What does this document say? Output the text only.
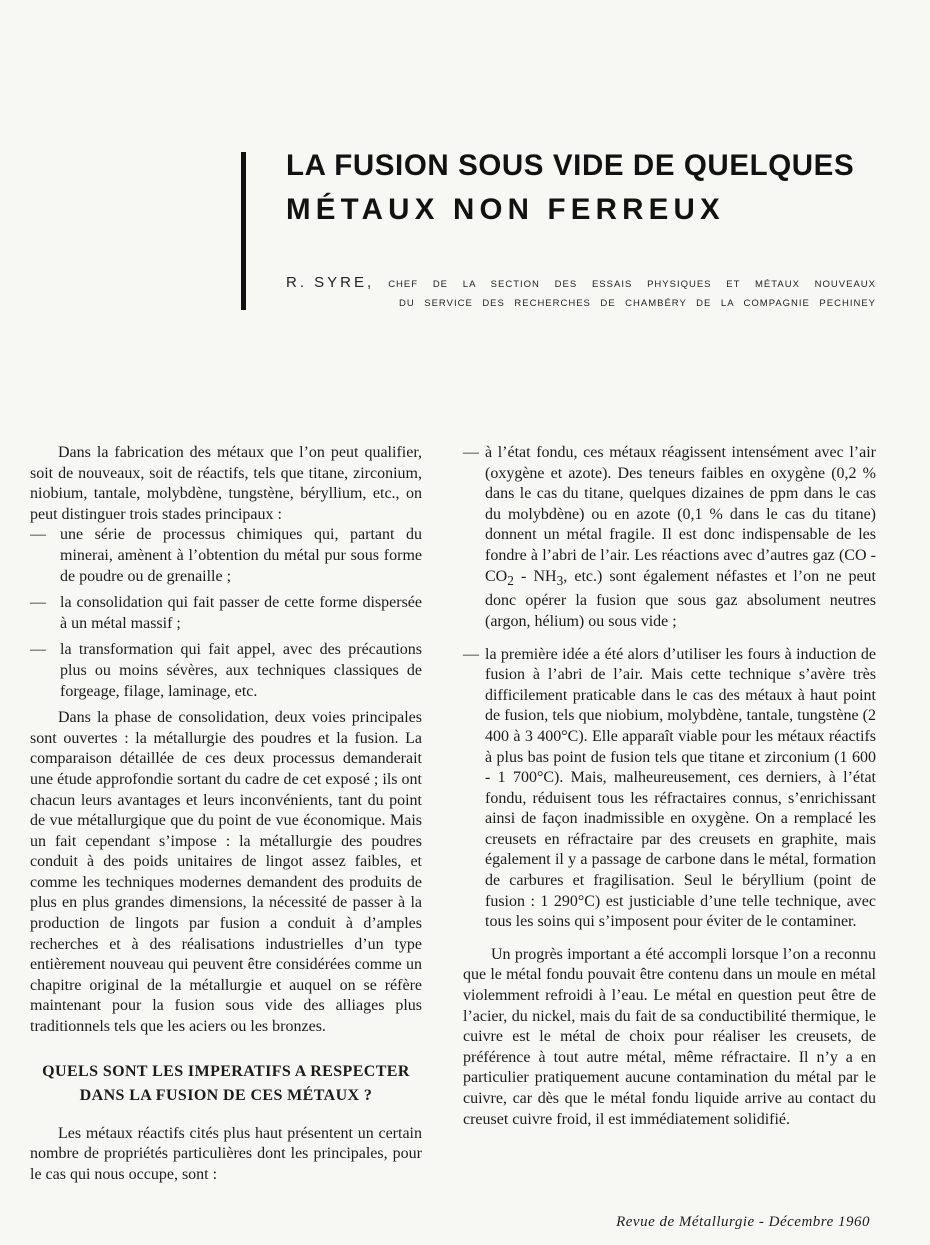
LA FUSION SOUS VIDE DE QUELQUES
MÉTAUX NON FERREUX
R. SYRE, CHEF DE LA SECTION DES ESSAIS PHYSIQUES ET MÉTAUX NOUVEAUX
DU SERVICE DES RECHERCHES DE CHAMBÉRY DE LA COMPAGNIE PECHINEY

Dans la fabrication des métaux que l’on peut qualifier, soit de nouveaux, soit de réactifs, tels que titane, zirconium, niobium, tantale, molybdène, tungstène, béryllium, etc., on peut distinguer trois stades principaux :

— une série de processus chimiques qui, partant du minerai, amènent à l’obtention du métal pur sous forme de poudre ou de grenaille ;
— la consolidation qui fait passer de cette forme dispersée à un métal massif ;
— la transformation qui fait appel, avec des précautions plus ou moins sévères, aux techniques classiques de forgeage, filage, laminage, etc.

Dans la phase de consolidation, deux voies principales sont ouvertes : la métallurgie des poudres et la fusion. La comparaison détaillée de ces deux processus demanderait une étude approfondie sortant du cadre de cet exposé ; ils ont chacun leurs avantages et leurs inconvénients, tant du point de vue métallurgique que du point de vue économique. Mais un fait cependant s’impose : la métallurgie des poudres conduit à des poids unitaires de lingot assez faibles, et comme les techniques modernes demandent des produits de plus en plus grandes dimensions, la nécessité de passer à la production de lingots par fusion a conduit à d’amples recherches et à des réalisations industrielles d’un type entièrement nouveau qui peuvent être considérées comme un chapitre original de la métallurgie et auquel on se réfère maintenant pour la fusion sous vide des alliages plus traditionnels tels que les aciers ou les bronzes.

QUELS SONT LES IMPERATIFS A RESPECTER
DANS LA FUSION DE CES MÉTAUX ?

Les métaux réactifs cités plus haut présentent un certain nombre de propriétés particulières dont les principales, pour le cas qui nous occupe, sont :

— à l’état fondu, ces métaux réagissent intensément avec l’air (oxygène et azote). Des teneurs faibles en oxygène (0,2 % dans le cas du titane, quelques dizaines de ppm dans le cas du molybdène) ou en azote (0,1 % dans le cas du titane) donnent un métal fragile. Il est donc indispensable de les fondre à l’abri de l’air. Les réactions avec d’autres gaz ($CO - CO_2 - NH_3$, etc.) sont également néfastes et l’on ne peut donc opérer la fusion que sous gaz absolument neutres (argon, hélium) ou sous vide ;
— la première idée a été alors d’utiliser les fours à induction de fusion à l’abri de l’air. Mais cette technique s’avère très difficilement praticable dans le cas des métaux à haut point de fusion, tels que niobium, molybdène, tantale, tungstène (2 400 à 3 400°C). Elle apparaît viable pour les métaux réactifs à plus bas point de fusion tels que titane et zirconium (1 600 - 1 700°C). Mais, malheureusement, ces derniers, à l’état fondu, réduisent tous les réfractaires connus, s’enrichissant ainsi de façon inadmissible en oxygène. On a remplacé les creusets en réfractaire par des creusets en graphite, mais également il y a passage de carbone dans le métal, formation de carbures et fragilisation. Seul le béryllium (point de fusion : 1 290°C) est justiciable d’une telle technique, avec tous les soins qui s’imposent pour éviter de le contaminer.

Un progrès important a été accompli lorsque l’on a reconnu que le métal fondu pouvait être contenu dans un moule en métal violemment refroidi à l’eau. Le métal en question peut être de l’acier, du nickel, mais du fait de sa conductibilité thermique, le cuivre est le métal de choix pour réaliser les creusets, de préférence à tout autre métal, même réfractaire. Il n’y a en particulier pratiquement aucune contamination du métal par le cuivre, car dès que le métal fondu liquide arrive au contact du creuset cuivre froid, il est immédiatement solidifié.

Revue de Métallurgie - Décembre 1960
